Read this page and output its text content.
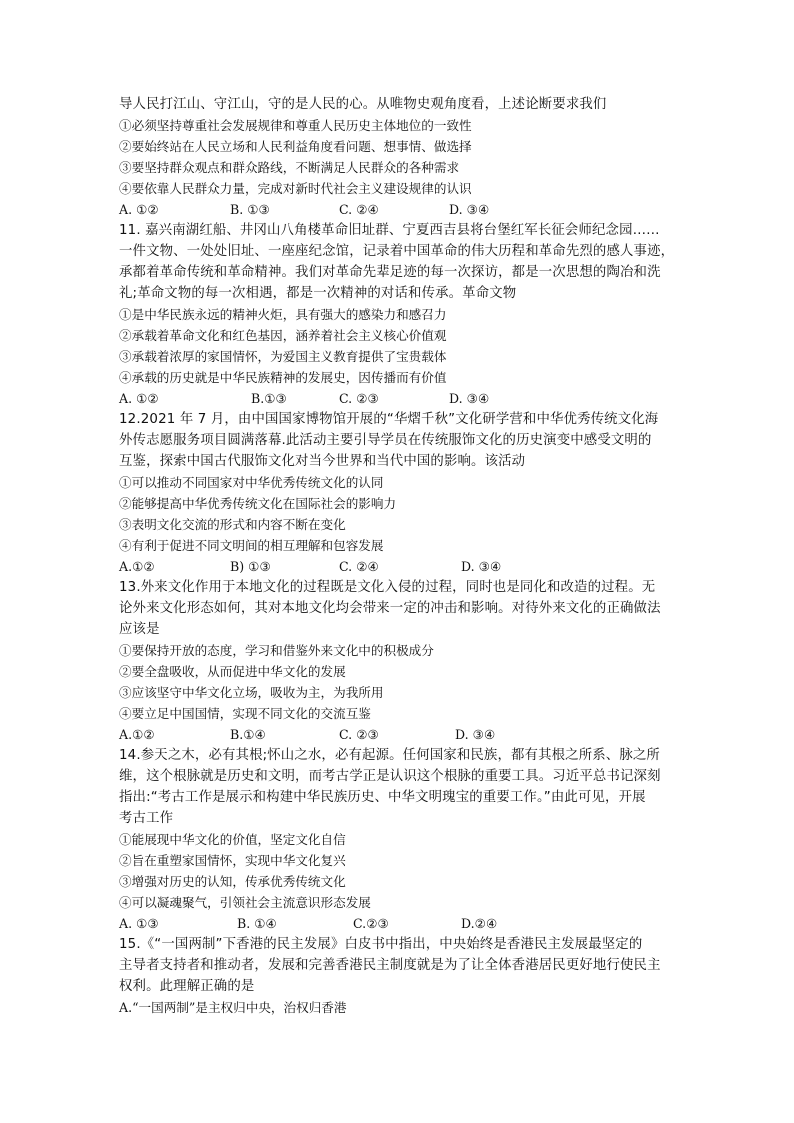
导人民打江山、守江山，守的是人民的心。从唯物史观角度看，上述论断要求我们
①必须坚持尊重社会发展规律和尊重人民历史主体地位的一致性
②要始终站在人民立场和人民利益角度看问题、想事情、做选择
③要坚持群众观点和群众路线，不断满足人民群众的各种需求
④要依靠人民群众力量，完成对新时代社会主义建设规律的认识
A. ①②	B. ①③	C. ②④	D. ③④
11. 嘉兴南湖红船、井冈山八角楼革命旧址群、宁夏西吉县将台堡红军长征会师纪念园……
一件文物、一处处旧址、一座座纪念馆，记录着中国革命的伟大历程和革命先烈的感人事迹，
承都着革命传统和革命精神。我们对革命先辈足迹的每一次探访，都是一次思想的陶冶和洗
礼;革命文物的每一次相遇，都是一次精神的对话和传承。革命文物
①是中华民族永远的精神火炬，具有强大的感染力和感召力
②承载着革命文化和红色基因，涵养着社会主义核心价值观
③承载着浓厚的家国情怀，为爱国主义教育提供了宝贵载体
④承载的历史就是中华民族精神的发展史，因传播而有价值
A. ①②	B.①③	C. ②③	D. ③④
12.2021 年 7 月，由中国国家博物馆开展的“华熠千秋”文化研学营和中华优秀传统文化海
外传志愿服务项目圆满落幕.此活动主要引导学员在传统服饰文化的历史演变中感受文明的
互鉴，探索中国古代服饰文化对当今世界和当代中国的影响。该活动
①可以推动不同国家对中华优秀传统文化的认同
②能够提高中华优秀传统文化在国际社会的影响力
③表明文化交流的形式和内容不断在变化
④有利于促进不同文明间的相互理解和包容发展
A.①②	B) ①③	C. ②④	D. ③④
13.外来文化作用于本地文化的过程既是文化入侵的过程，同时也是同化和改造的过程。无
论外来文化形态如何，其对本地文化均会带来一定的冲击和影响。对待外来文化的正确做法
应该是
①要保持开放的态度，学习和借鉴外来文化中的积极成分
②要全盘吸收，从而促进中华文化的发展
③应该坚守中华文化立场，吸收为主，为我所用
④要立足中国国情，实现不同文化的交流互鉴
A.①②	B.①④	C. ②③	D. ③④
14.参天之木，必有其根;怀山之水，必有起源。任何国家和民族，都有其根之所系、脉之所
维，这个根脉就是历史和文明，而考古学正是认识这个根脉的重要工具。习近平总书记深刻
指出:“考古工作是展示和构建中华民族历史、中华文明瑰宝的重要工作。”由此可见，开展
考古工作
①能展现中华文化的价值，坚定文化自信
②旨在重塑家国情怀，实现中华文化复兴
③增强对历史的认知，传承优秀传统文化
④可以凝魂聚气，引领社会主流意识形态发展
A. ①③	B. ①④	C.②③	D.②④
15.《“一国两制”下香港的民主发展》白皮书中指出，中央始终是香港民主发展最坚定的
主导者支持者和推动者，发展和完善香港民主制度就是为了让全体香港居民更好地行使民主
权利。此理解正确的是
A.“一国两制”是主权归中央，治权归香港
